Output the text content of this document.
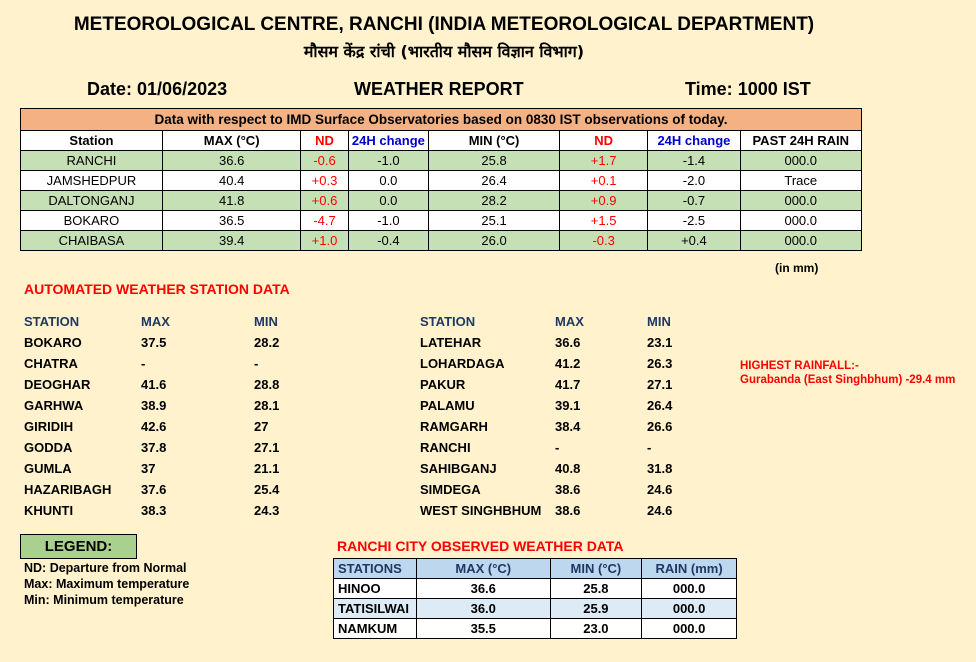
METEOROLOGICAL CENTRE, RANCHI (INDIA METEOROLOGICAL DEPARTMENT)
मौसम केंद्र रांची (भारतीय मौसम विज्ञान विभाग)
Date: 01/06/2023	WEATHER REPORT	Time: 1000 IST
Data with respect to IMD Surface Observatories based on 0830 IST observations of today.							
Station	MAX (°C)	ND	24H change	MIN (°C)	ND	24H change	PAST 24H RAIN
RANCHI	36.6	-0.6	-1.0	25.8	+1.7	-1.4	000.0
JAMSHEDPUR	40.4	+0.3	0.0	26.4	+0.1	-2.0	Trace
DALTONGANJ	41.8	+0.6	0.0	28.2	+0.9	-0.7	000.0
BOKARO	36.5	-4.7	-1.0	25.1	+1.5	-2.5	000.0
CHAIBASA	39.4	+1.0	-0.4	26.0	-0.3	+0.4	000.0
(in mm)
AUTOMATED WEATHER STATION DATA
STATION	MAX	MIN
BOKARO	37.5	28.2
CHATRA	-	-
DEOGHAR	41.6	28.8
GARHWA	38.9	28.1
GIRIDIH	42.6	27
GODDA	37.8	27.1
GUMLA	37	21.1
HAZARIBAGH 37.6	25.4
KHUNTI	38.3	24.3
STATION	MAX	MIN
LATEHAR	36.6	23.1
LOHARDAGA	41.2	26.3
PAKUR	41.7	27.1
PALAMU	39.1	26.4
RAMGARH	38.4	26.6
RANCHI	-	-
SAHIBGANJ	40.8	31.8
SIMDEGA	38.6	24.6
WEST SINGHBHUM 38.6	24.6
HIGHEST RAINFALL:-
Gurabanda (East Singhbhum) -29.4 mm
LEGEND:
ND: Departure from Normal
Max: Maximum temperature
Min: Minimum temperature
RANCHI CITY OBSERVED WEATHER DATA
STATIONS	MAX (°C)	MIN (°C)	RAIN (mm)
HINOO	36.6	25.8	000.0
TATISILWAI	36.0	25.9	000.0
NAMKUM	35.5	23.0	000.0
